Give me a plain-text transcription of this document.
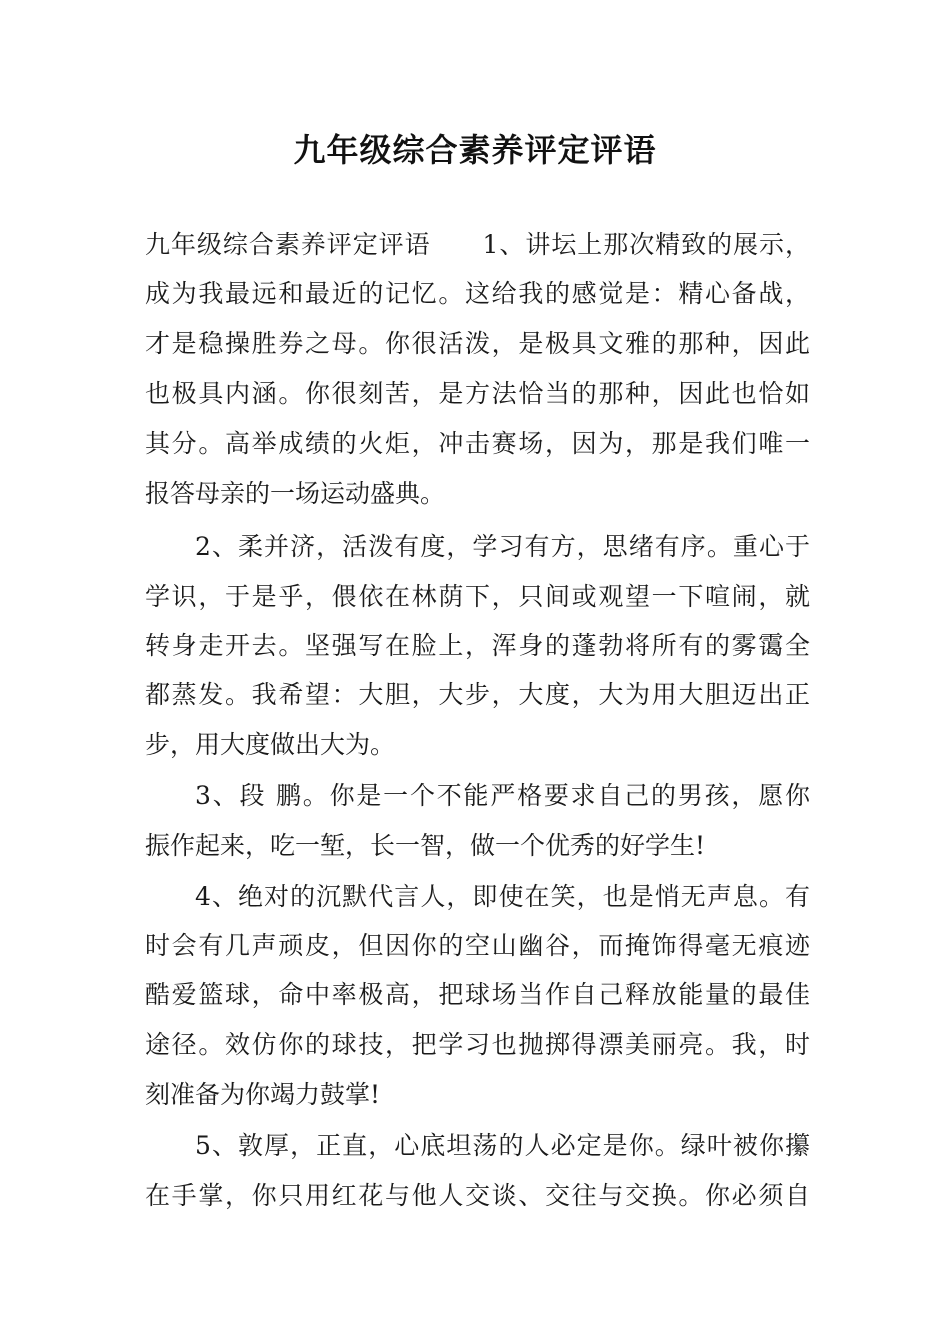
九年级综合素养评定评语
九年级综合素养评定评语　　1、讲坛上那次精致的展示，
成为我最远和最近的记忆。这给我的感觉是：精心备战，
才是稳操胜券之母。你很活泼，是极具文雅的那种，因此
也极具内涵。你很刻苦，是方法恰当的那种，因此也恰如
其分。高举成绩的火炬，冲击赛场，因为，那是我们唯一
报答母亲的一场运动盛典。
2、柔并济，活泼有度，学习有方，思绪有序。重心于
学识，于是乎，偎依在林荫下，只间或观望一下喧闹，就
转身走开去。坚强写在脸上，浑身的蓬勃将所有的雾霭全
都蒸发。我希望：大胆，大步，大度，大为用大胆迈出正
步，用大度做出大为。
3、段 鹏。你是一个不能严格要求自己的男孩，愿你
振作起来，吃一堑，长一智，做一个优秀的好学生!
4、绝对的沉默代言人，即使在笑，也是悄无声息。有
时会有几声顽皮，但因你的空山幽谷，而掩饰得毫无痕迹
酷爱篮球，命中率极高，把球场当作自己释放能量的最佳
途径。效仿你的球技，把学习也抛掷得漂美丽亮。我，时
刻准备为你竭力鼓掌!
5、敦厚，正直，心底坦荡的人必定是你。绿叶被你攥
在手掌，你只用红花与他人交谈、交往与交换。你必须自
